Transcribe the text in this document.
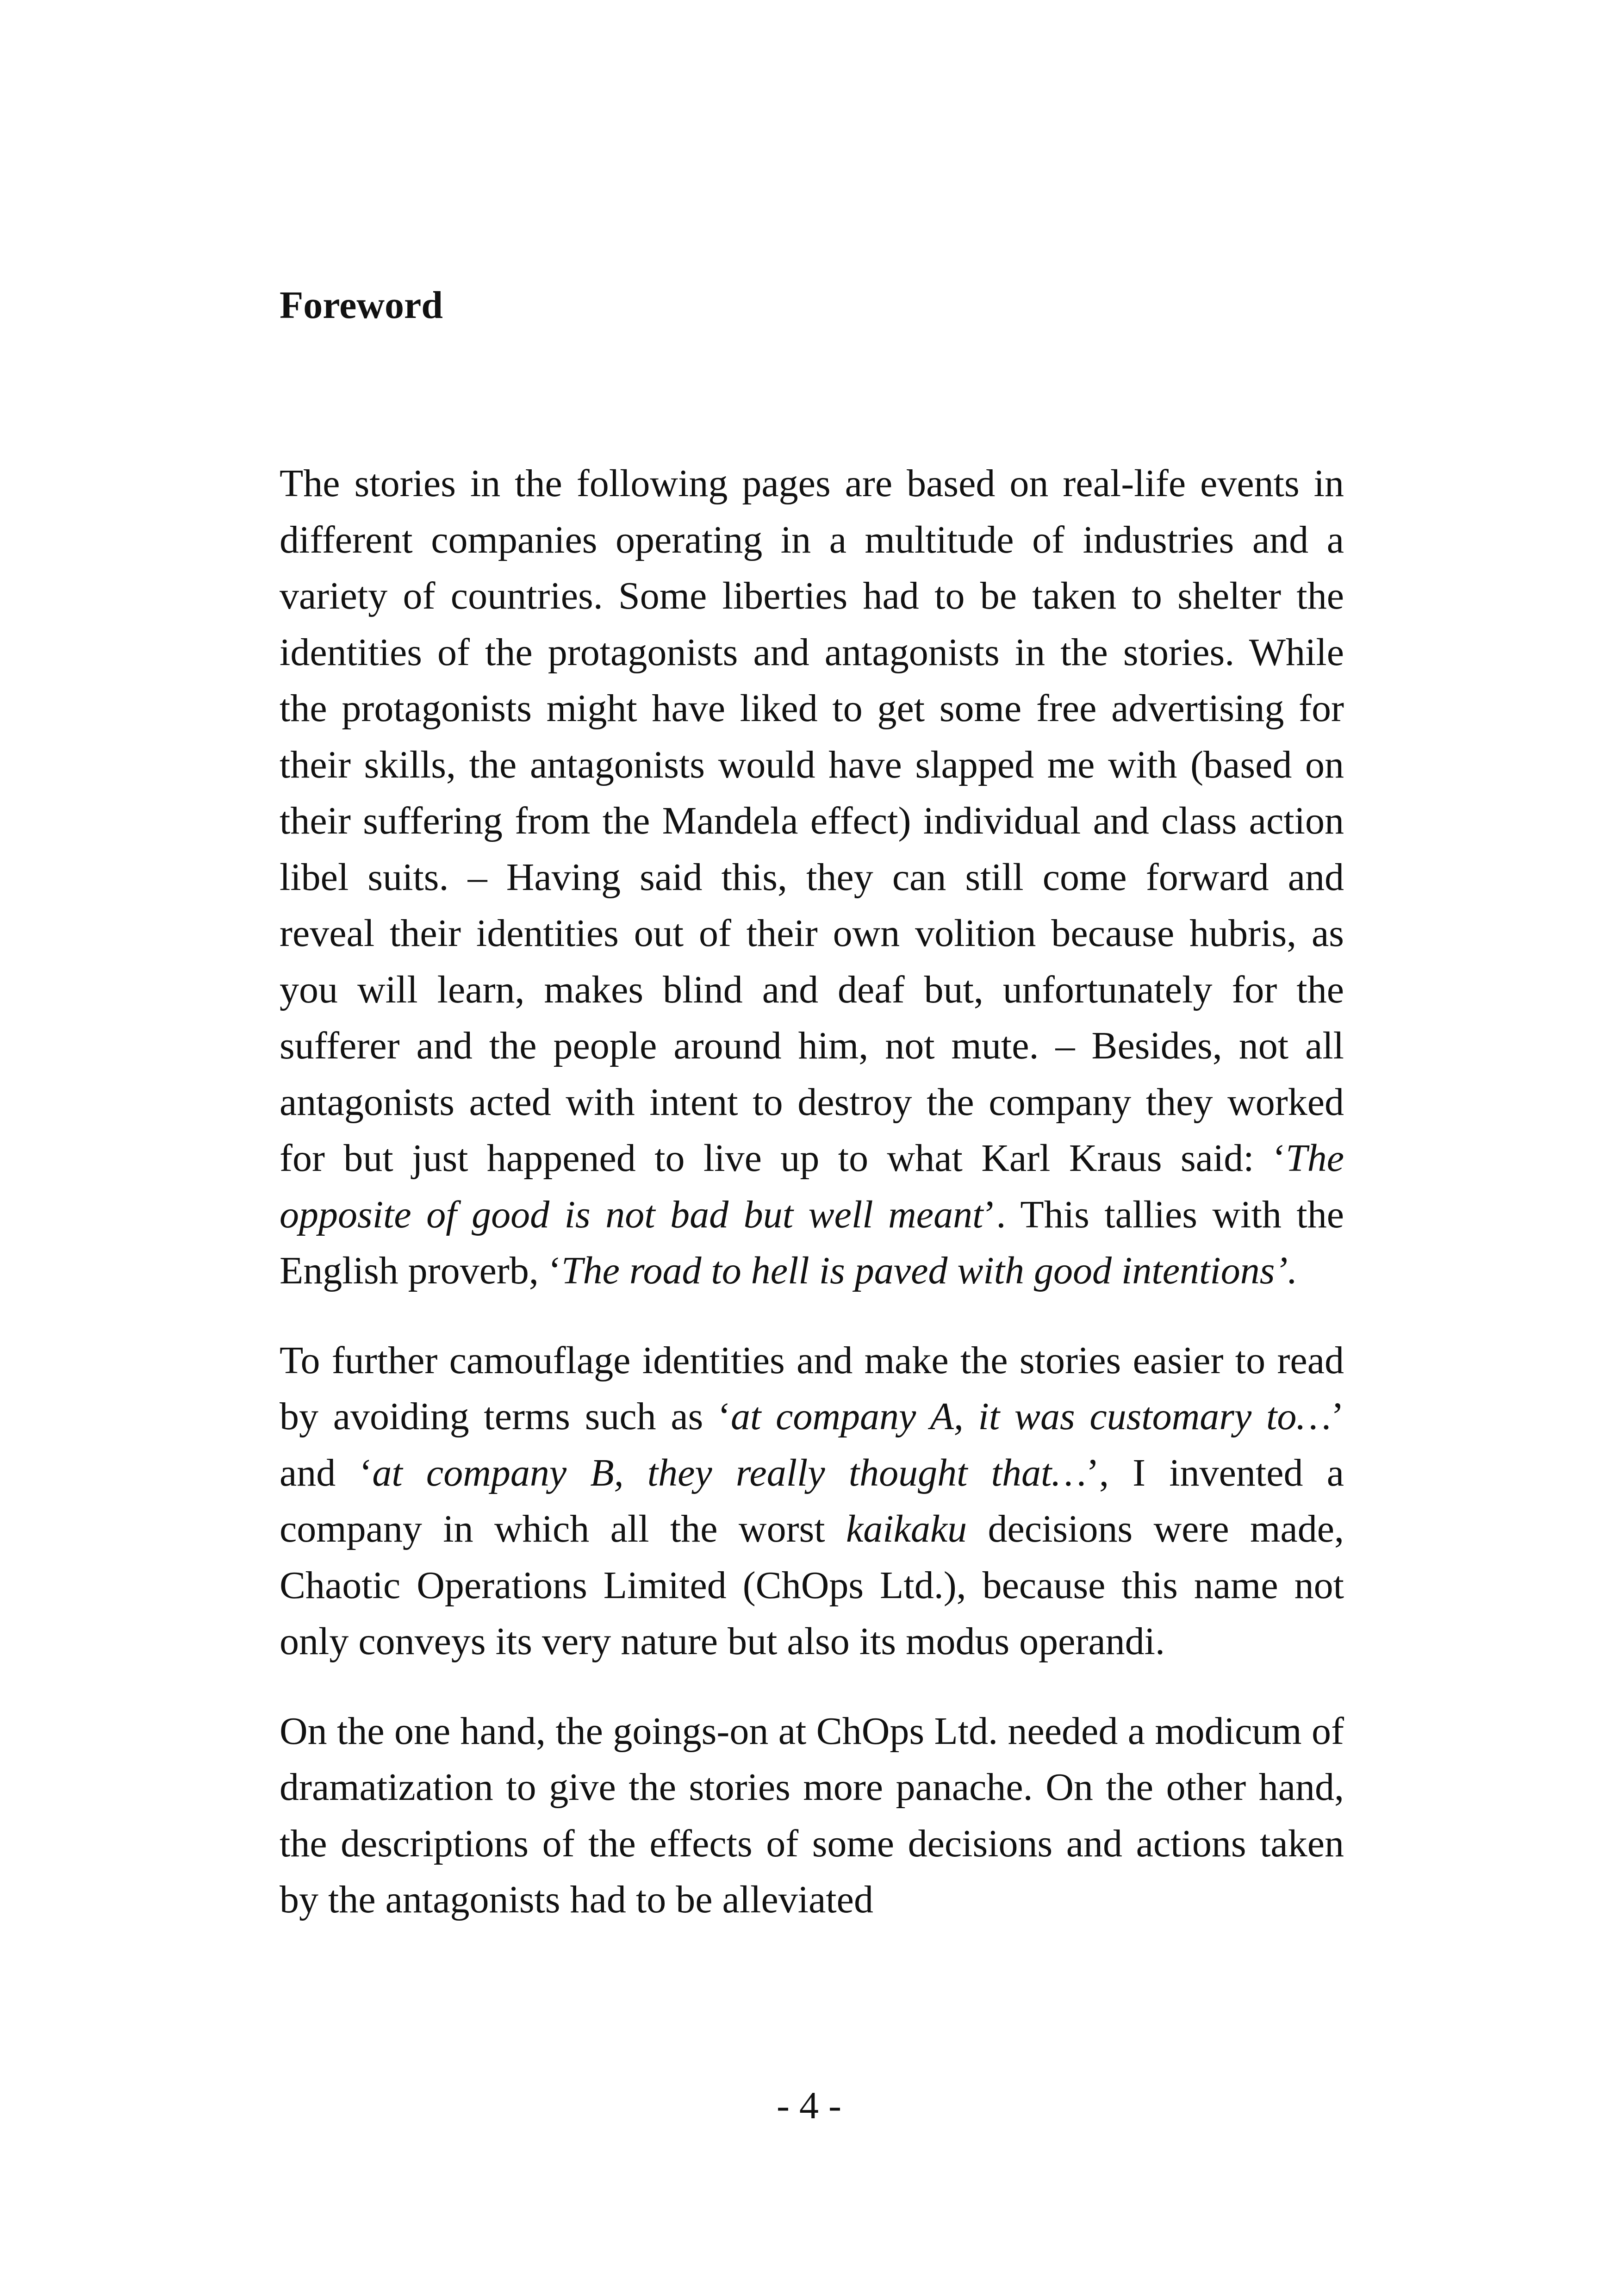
Foreword

The stories in the following pages are based on real-life events in different companies operating in a multitude of industries and a variety of countries. Some liberties had to be taken to shelter the identities of the protagonists and antagonists in the stories. While the protagonists might have liked to get some free advertising for their skills, the antagonists would have slapped me with (based on their suffering from the Mandela effect) individual and class action libel suits. – Having said this, they can still come forward and reveal their identities out of their own volition because hubris, as you will learn, makes blind and deaf but, unfortunately for the sufferer and the people around him, not mute. – Besides, not all antagonists acted with intent to destroy the company they worked for but just happened to live up to what Karl Kraus said: ‘The opposite of good is not bad but well meant’. This tallies with the English proverb, ‘The road to hell is paved with good intentions’.

To further camouflage identities and make the stories easier to read by avoiding terms such as ‘at company A, it was customary to…’ and ‘at company B, they really thought that…’, I invented a company in which all the worst kaikaku decisions were made, Chaotic Operations Limited (ChOps Ltd.), because this name not only conveys its very nature but also its modus operandi.

On the one hand, the goings-on at ChOps Ltd. needed a modicum of dramatization to give the stories more panache. On the other hand, the descriptions of the effects of some decisions and actions taken by the antagonists had to be alleviated

- 4 -
